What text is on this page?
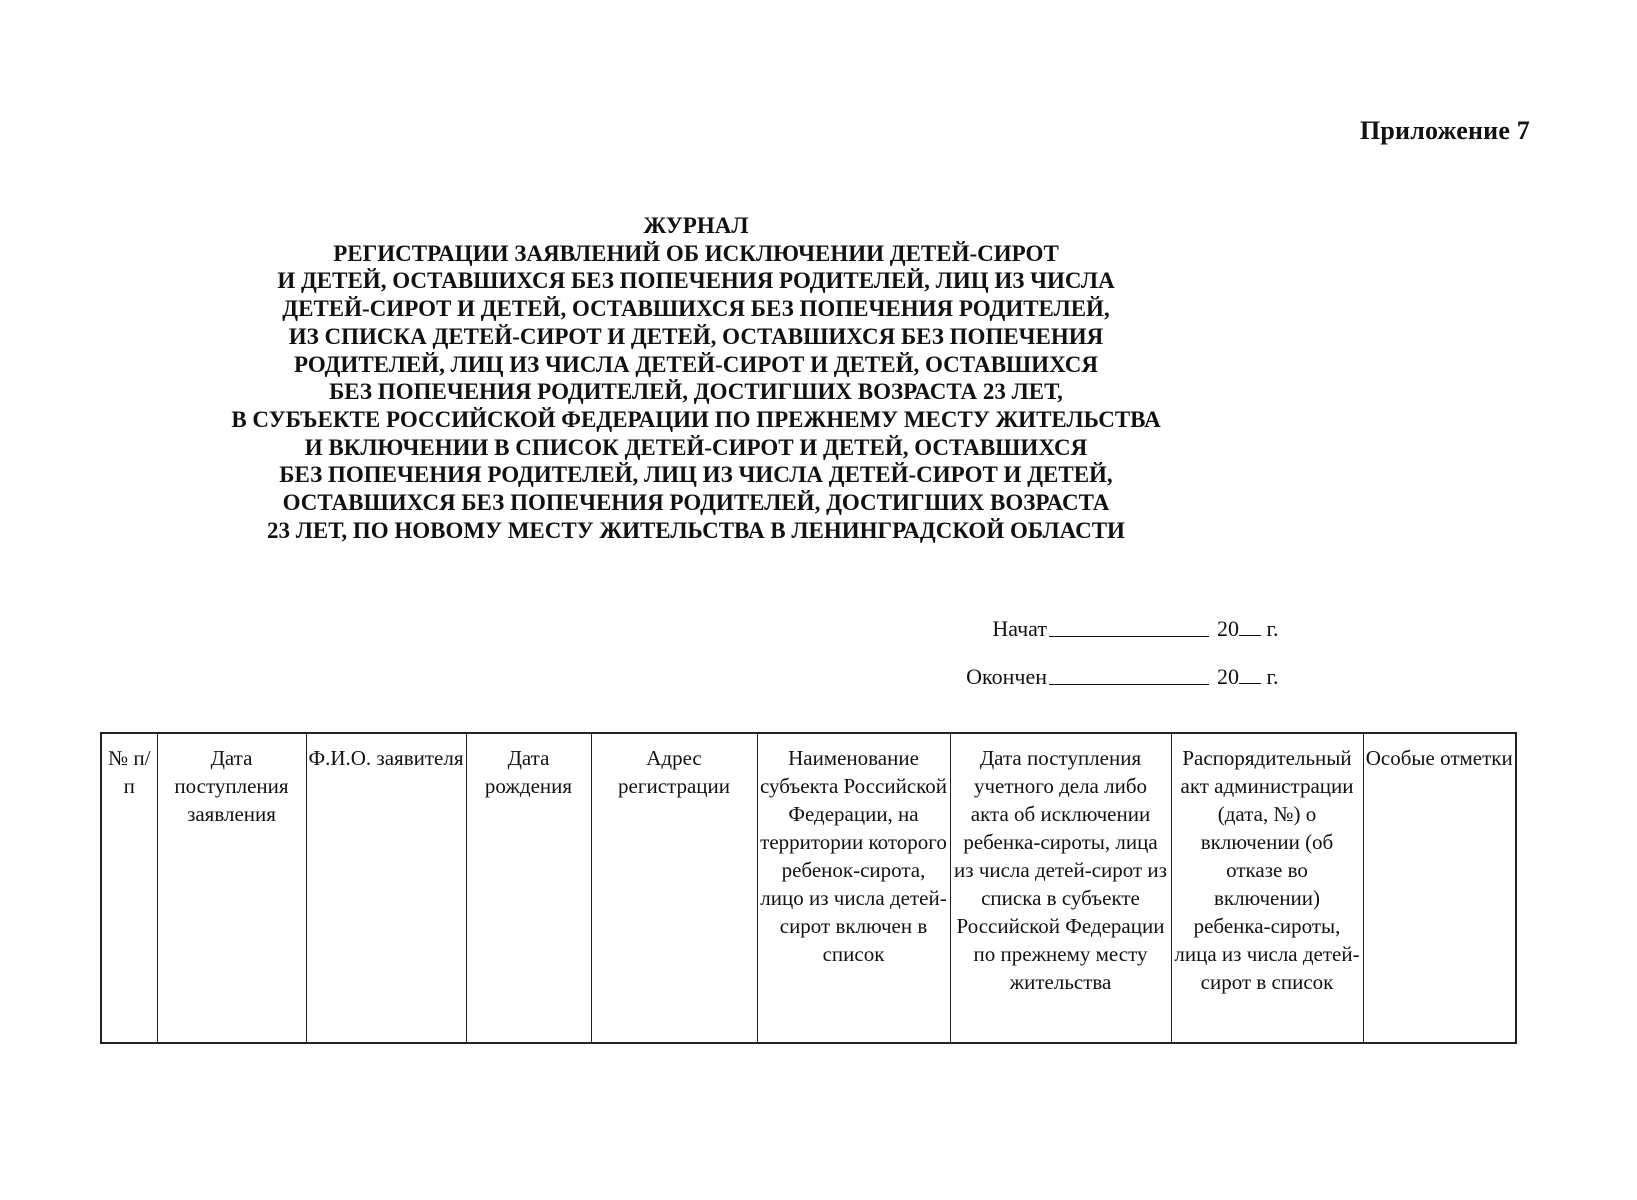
Приложение 7
ЖУРНАЛ
РЕГИСТРАЦИИ ЗАЯВЛЕНИЙ ОБ ИСКЛЮЧЕНИИ ДЕТЕЙ-СИРОТ
И ДЕТЕЙ, ОСТАВШИХСЯ БЕЗ ПОПЕЧЕНИЯ РОДИТЕЛЕЙ, ЛИЦ ИЗ ЧИСЛА
ДЕТЕЙ-СИРОТ И ДЕТЕЙ, ОСТАВШИХСЯ БЕЗ ПОПЕЧЕНИЯ РОДИТЕЛЕЙ,
ИЗ СПИСКА ДЕТЕЙ-СИРОТ И ДЕТЕЙ, ОСТАВШИХСЯ БЕЗ ПОПЕЧЕНИЯ
РОДИТЕЛЕЙ, ЛИЦ ИЗ ЧИСЛА ДЕТЕЙ-СИРОТ И ДЕТЕЙ, ОСТАВШИХСЯ
БЕЗ ПОПЕЧЕНИЯ РОДИТЕЛЕЙ, ДОСТИГШИХ ВОЗРАСТА 23 ЛЕТ,
В СУБЪЕКТЕ РОССИЙСКОЙ ФЕДЕРАЦИИ ПО ПРЕЖНЕМУ МЕСТУ ЖИТЕЛЬСТВА
И ВКЛЮЧЕНИИ В СПИСОК ДЕТЕЙ-СИРОТ И ДЕТЕЙ, ОСТАВШИХСЯ
БЕЗ ПОПЕЧЕНИЯ РОДИТЕЛЕЙ, ЛИЦ ИЗ ЧИСЛА ДЕТЕЙ-СИРОТ И ДЕТЕЙ,
ОСТАВШИХСЯ БЕЗ ПОПЕЧЕНИЯ РОДИТЕЛЕЙ, ДОСТИГШИХ ВОЗРАСТА
23 ЛЕТ, ПО НОВОМУ МЕСТУ ЖИТЕЛЬСТВА В ЛЕНИНГРАДСКОЙ ОБЛАСТИ
Начат	20 г.
Окончен	20 г.
№ п/п	Дата поступления заявления	Ф.И.О. заявителя	Дата рождения	Адрес регистрации	Наименование субъекта Российской Федерации, на территории которого ребенок-сирота, лицо из числа детей-сирот включен в список	Дата поступления учетного дела либо акта об исключении ребенка-сироты, лица из числа детей-сирот из списка в субъекте Российской Федерации по прежнему месту жительства	Распорядительный акт администрации (дата, №) о включении (об отказе во включении) ребенка-сироты, лица из числа детей-сирот в список	Особые отметки
